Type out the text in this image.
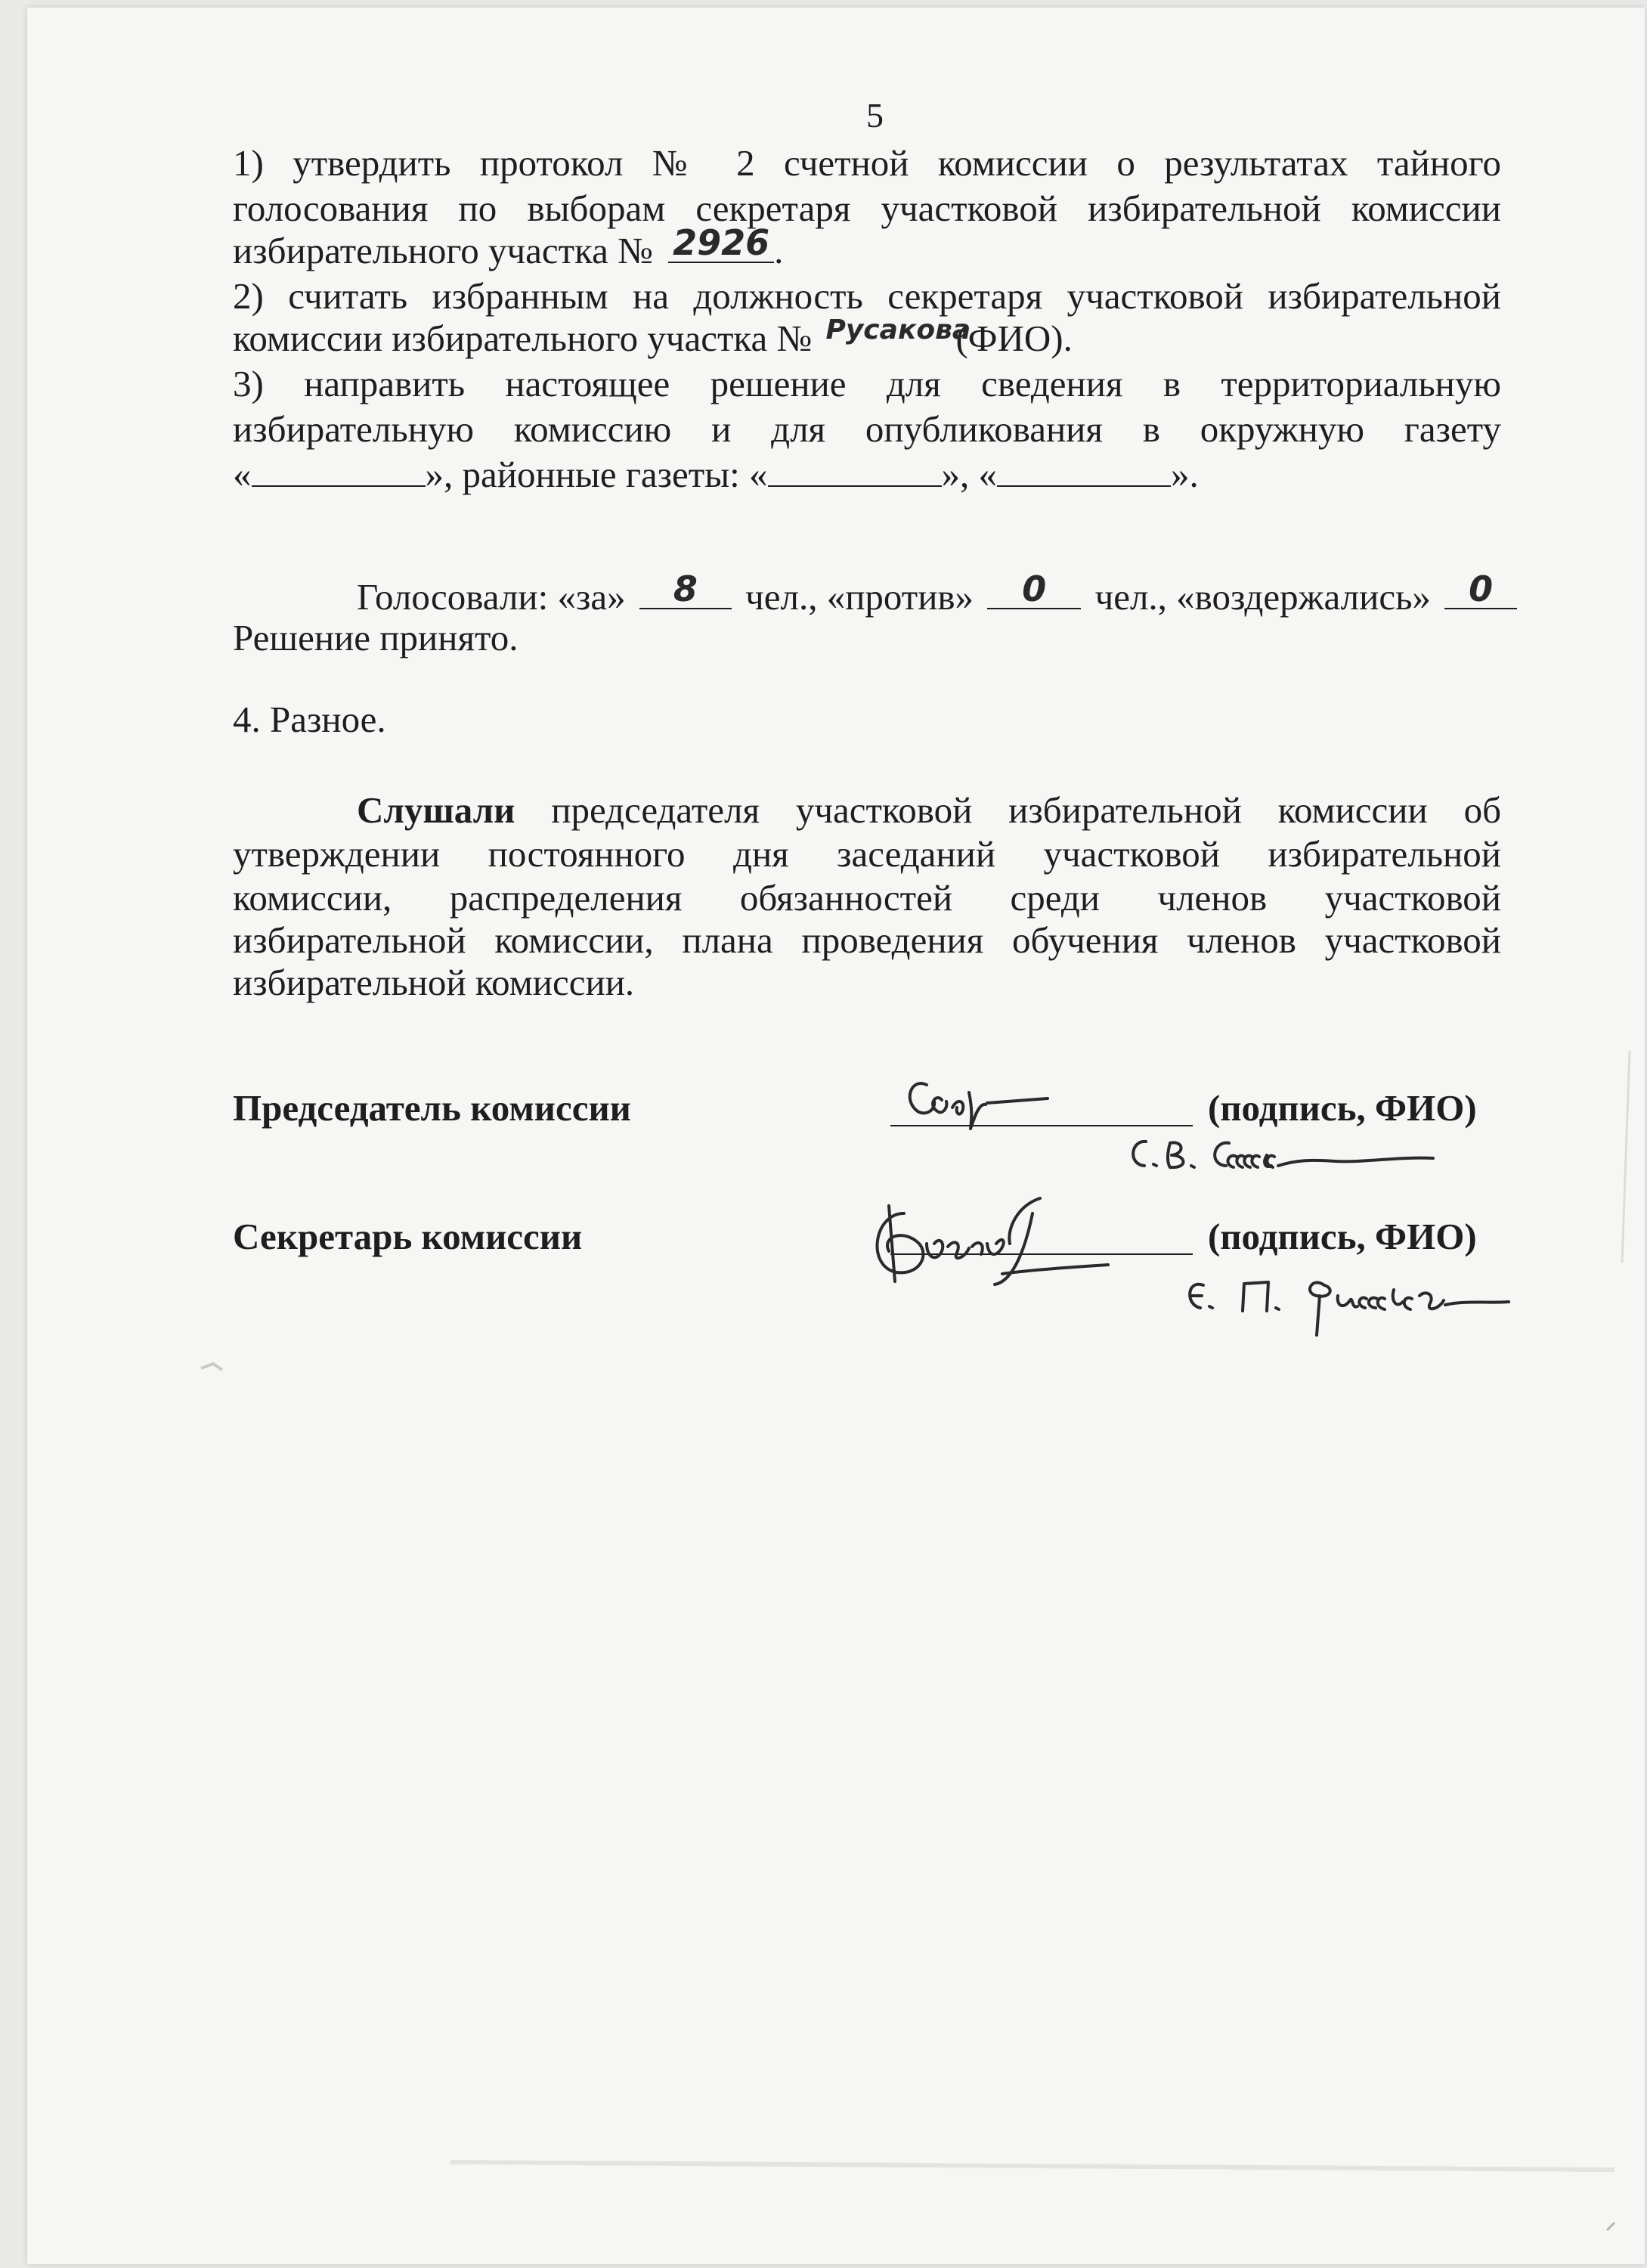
5
1) утвердить протокол № 2 счетной комиссии о результатах тайного
голосования по выборам секретаря участковой избирательной комиссии
избирательного участка № 2926 .
2) считать избранным на должность секретаря участковой избирательной
комиссии избирательного участка № Русакова
(ФИО).
3) направить настоящее решение для сведения в территориальную
избирательную комиссию и для опубликования в окружную газету
«	», районные газеты: «	», «	».
Голосовали: «за»	8	чел., «против»	0	чел., «воздержались»	0
Решение принято.
4. Разное.
Слушали председателя участковой избирательной комиссии об
утверждении постоянного дня заседаний участковой избирательной
комиссии, распределения обязанностей среди членов участковой
избирательной комиссии, плана проведения обучения членов участковой
избирательной комиссии.
Председатель комиссии	(подпись, ФИО)
Секретарь комиссии	(подпись, ФИО)
